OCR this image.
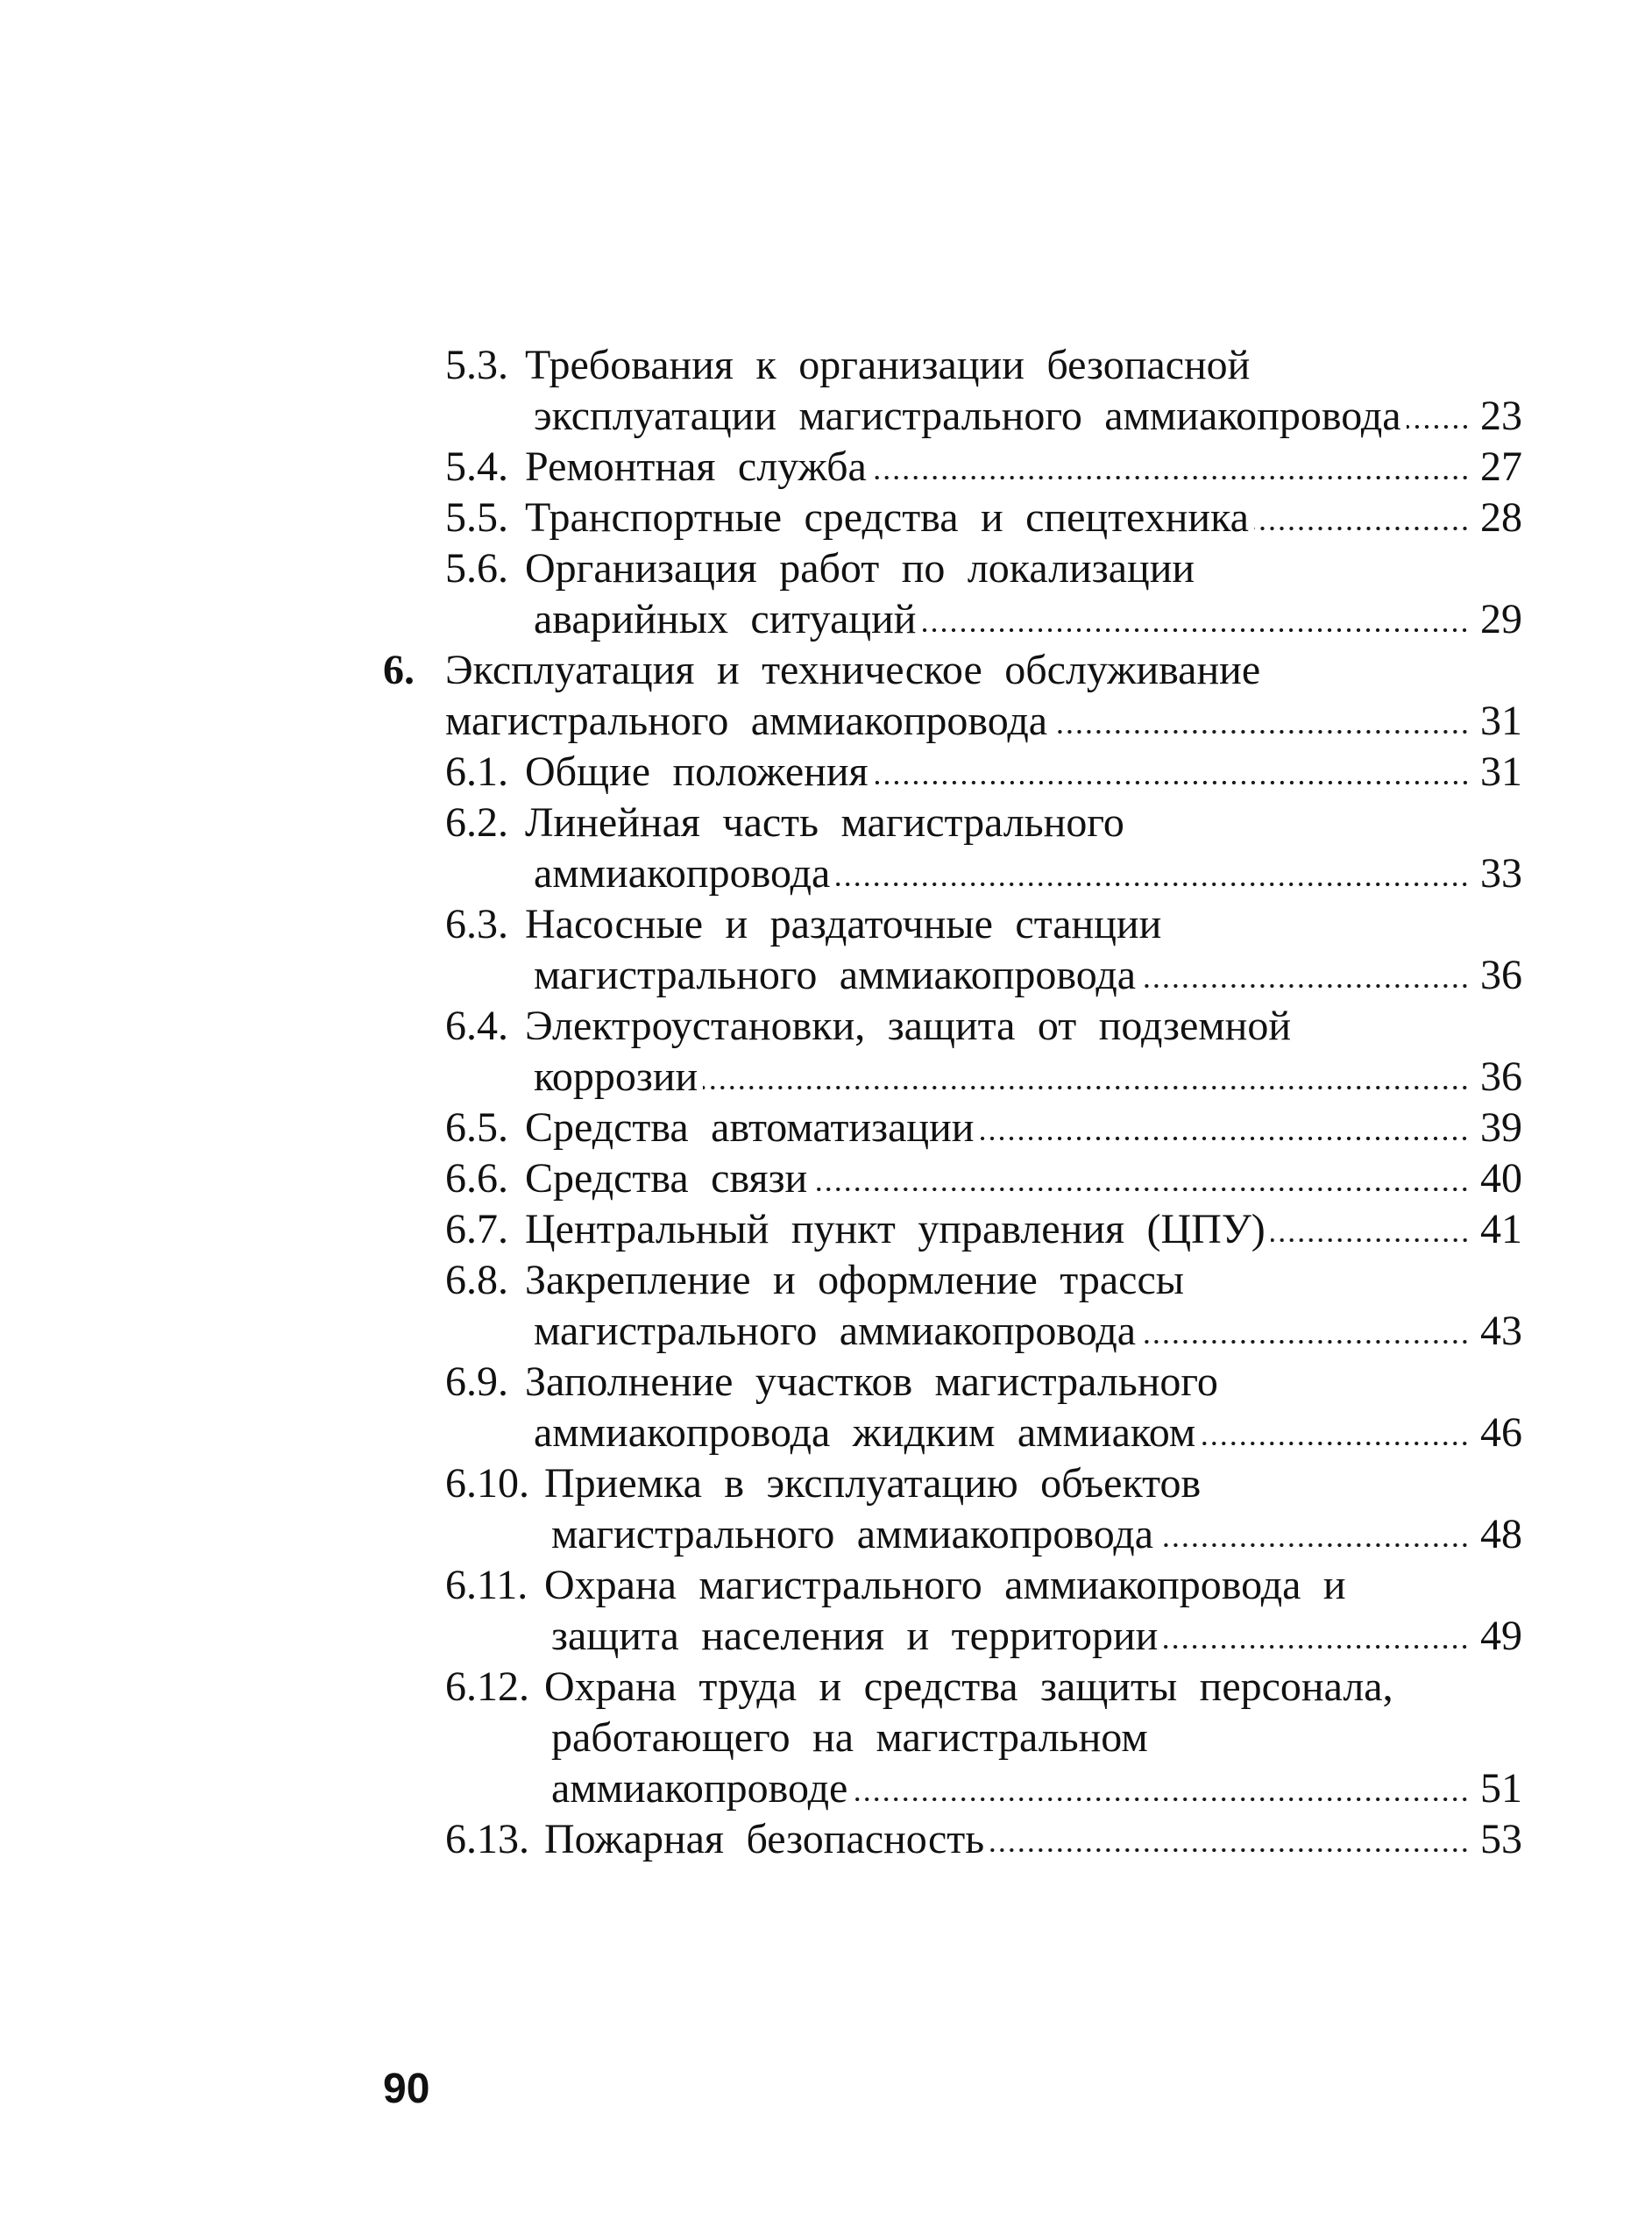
5.3. Требования к организации безопасной
эксплуатации магистрального аммиакопровода 23
5.4. Ремонтная служба	27
5.5. Транспортные средства и спецтехника	28
5.6. Организация работ по локализации
аварийных ситуаций	29
6. Эксплуатация и техническое обслуживание
магистрального аммиакопровода	31
6.1. Общие положения	31
6.2. Линейная часть магистрального
аммиакопровода	33
6.3. Насосные и раздаточные станции
магистрального аммиакопровода	36
6.4. Электроустановки, защита от подземной
коррозии	36
6.5. Средства автоматизации	39
6.6. Средства связи	40
6.7. Центральный пункт управления (ЦПУ)	41
6.8. Закрепление и оформление трассы
магистрального аммиакопровода	43
6.9. Заполнение участков магистрального
аммиакопровода жидким аммиаком	46
6.10. Приемка в эксплуатацию объектов
магистрального аммиакопровода	48
6.11. Охрана магистрального аммиакопровода и
защита населения и территории	49
6.12. Охрана труда и средства защиты персонала,
работающего на магистральном
аммиакопроводе	51
6.13. Пожарная безопасность	53
90
